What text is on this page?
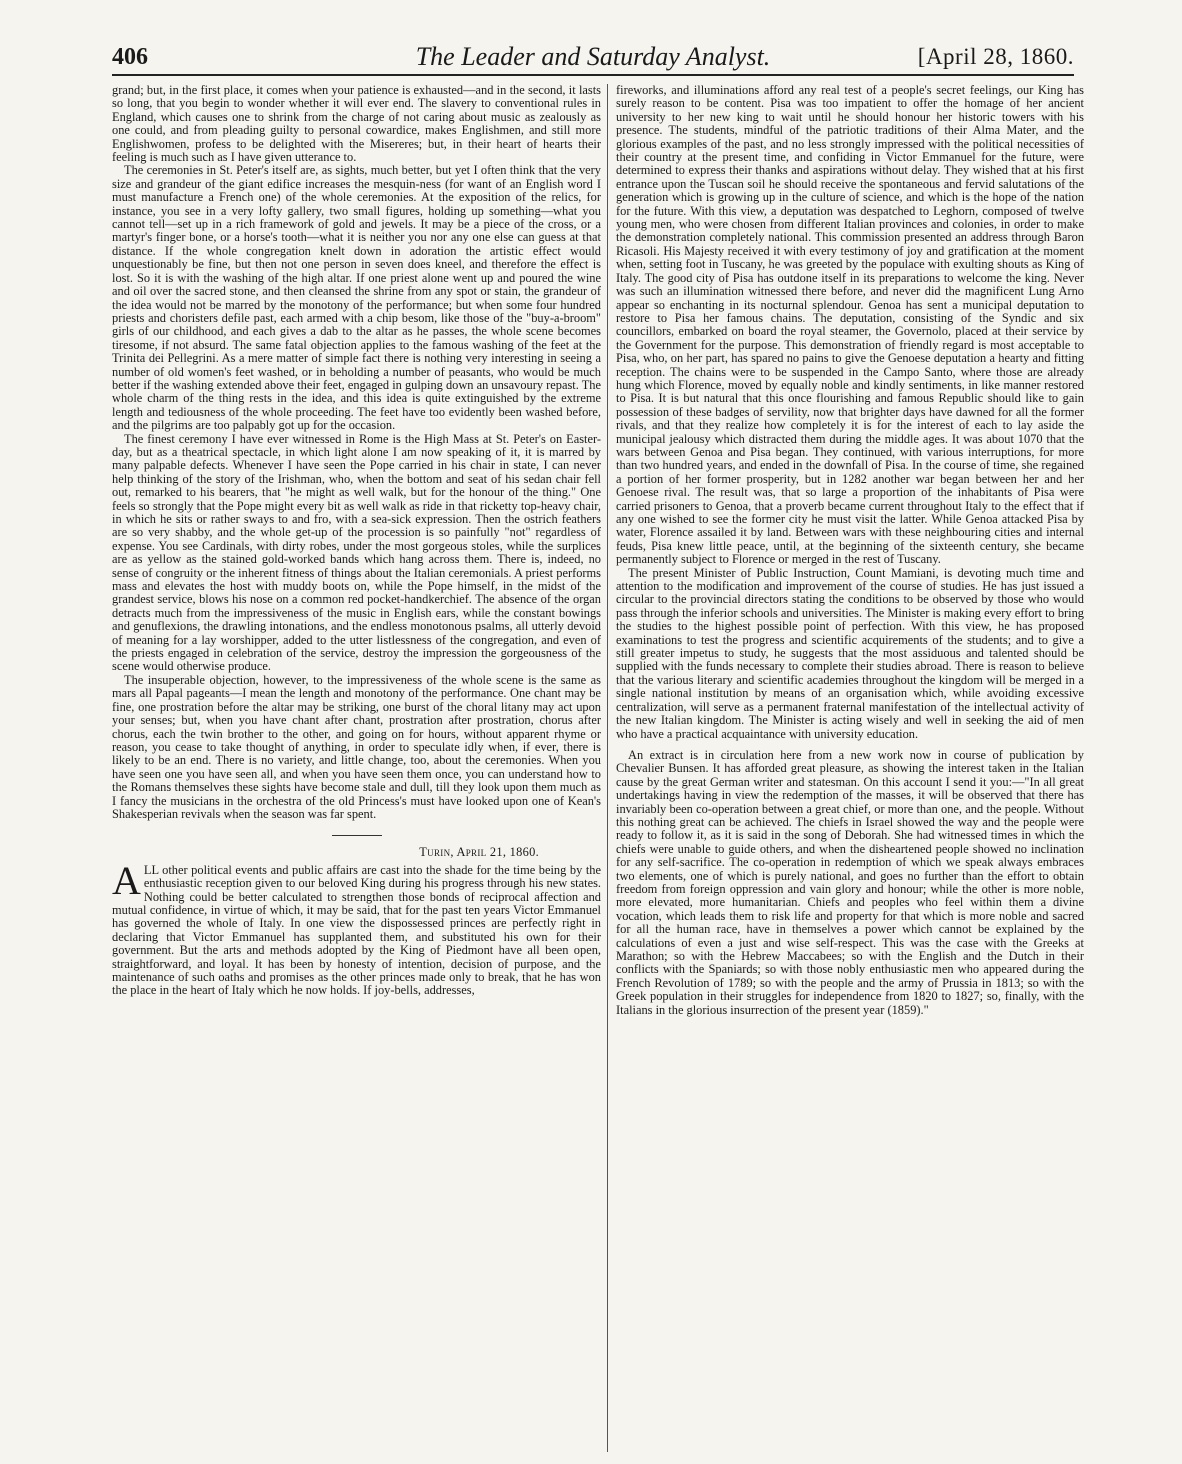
406	The Leader and Saturday Analyst.	[April 28, 1860.

grand; but, in the first place, it comes when your patience is exhausted—and in the second, it lasts so long, that you begin to wonder whether it will ever end. The slavery to conventional rules in England, which causes one to shrink from the charge of not caring about music as zealously as one could, and from pleading guilty to personal cowardice, makes Englishmen, and still more Englishwomen, profess to be delighted with the Misereres; but, in their heart of hearts their feeling is much such as I have given utterance to.

The ceremonies in St. Peter's itself are, as sights, much better, but yet I often think that the very size and grandeur of the giant edifice increases the mesquin-ness (for want of an English word I must manufacture a French one) of the whole ceremonies. At the exposition of the relics, for instance, you see in a very lofty gallery, two small figures, holding up something—what you cannot tell—set up in a rich framework of gold and jewels. It may be a piece of the cross, or a martyr's finger bone, or a horse's tooth—what it is neither you nor any one else can guess at that distance. If the whole congregation knelt down in adoration the artistic effect would unquestionably be fine, but then not one person in seven does kneel, and therefore the effect is lost. So it is with the washing of the high altar. If one priest alone went up and poured the wine and oil over the sacred stone, and then cleansed the shrine from any spot or stain, the grandeur of the idea would not be marred by the monotony of the performance; but when some four hundred priests and choristers defile past, each armed with a chip besom, like those of the "buy-a-broom" girls of our childhood, and each gives a dab to the altar as he passes, the whole scene becomes tiresome, if not absurd. The same fatal objection applies to the famous washing of the feet at the Trinita dei Pellegrini. As a mere matter of simple fact there is nothing very interesting in seeing a number of old women's feet washed, or in beholding a number of peasants, who would be much better if the washing extended above their feet, engaged in gulping down an unsavoury repast. The whole charm of the thing rests in the idea, and this idea is quite extinguished by the extreme length and tediousness of the whole proceeding. The feet have too evidently been washed before, and the pilgrims are too palpably got up for the occasion.

The finest ceremony I have ever witnessed in Rome is the High Mass at St. Peter's on Easter-day, but as a theatrical spectacle, in which light alone I am now speaking of it, it is marred by many palpable defects. Whenever I have seen the Pope carried in his chair in state, I can never help thinking of the story of the Irishman, who, when the bottom and seat of his sedan chair fell out, remarked to his bearers, that "he might as well walk, but for the honour of the thing." One feels so strongly that the Pope might every bit as well walk as ride in that ricketty top-heavy chair, in which he sits or rather sways to and fro, with a sea-sick expression. Then the ostrich feathers are so very shabby, and the whole get-up of the procession is so painfully "not" regardless of expense. You see Cardinals, with dirty robes, under the most gorgeous stoles, while the surplices are as yellow as the stained gold-worked bands which hang across them. There is, indeed, no sense of congruity or the inherent fitness of things about the Italian ceremonials. A priest performs mass and elevates the host with muddy boots on, while the Pope himself, in the midst of the grandest service, blows his nose on a common red pocket-handkerchief. The absence of the organ detracts much from the impressiveness of the music in English ears, while the constant bowings and genuflexions, the drawling intonations, and the endless monotonous psalms, all utterly devoid of meaning for a lay worshipper, added to the utter listlessness of the congregation, and even of the priests engaged in celebration of the service, destroy the impression the gorgeousness of the scene would otherwise produce.

The insuperable objection, however, to the impressiveness of the whole scene is the same as mars all Papal pageants—I mean the length and monotony of the performance. One chant may be fine, one prostration before the altar may be striking, one burst of the choral litany may act upon your senses; but, when you have chant after chant, prostration after prostration, chorus after chorus, each the twin brother to the other, and going on for hours, without apparent rhyme or reason, you cease to take thought of anything, in order to speculate idly when, if ever, there is likely to be an end. There is no variety, and little change, too, about the ceremonies. When you have seen one you have seen all, and when you have seen them once, you can understand how to the Romans themselves these sights have become stale and dull, till they look upon them much as I fancy the musicians in the orchestra of the old Princess's must have looked upon one of Kean's Shakesperian revivals when the season was far spent.

Turin, April 21, 1860.

ALL other political events and public affairs are cast into the shade for the time being by the enthusiastic reception given to our beloved King during his progress through his new states. Nothing could be better calculated to strengthen those bonds of reciprocal affection and mutual confidence, in virtue of which, it may be said, that for the past ten years Victor Emmanuel has governed the whole of Italy. In one view the dispossessed princes are perfectly right in declaring that Victor Emmanuel has supplanted them, and substituted his own for their government. But the arts and methods adopted by the King of Piedmont have all been open, straightforward, and loyal. It has been by honesty of intention, decision of purpose, and the maintenance of such oaths and promises as the other princes made only to break, that he has won the place in the heart of Italy which he now holds. If joy-bells, addresses,

fireworks, and illuminations afford any real test of a people's secret feelings, our King has surely reason to be content. Pisa was too impatient to offer the homage of her ancient university to her new king to wait until he should honour her historic towers with his presence. The students, mindful of the patriotic traditions of their Alma Mater, and the glorious examples of the past, and no less strongly impressed with the political necessities of their country at the present time, and confiding in Victor Emmanuel for the future, were determined to express their thanks and aspirations without delay. They wished that at his first entrance upon the Tuscan soil he should receive the spontaneous and fervid salutations of the generation which is growing up in the culture of science, and which is the hope of the nation for the future. With this view, a deputation was despatched to Leghorn, composed of twelve young men, who were chosen from different Italian provinces and colonies, in order to make the demonstration completely national. This commission presented an address through Baron Ricasoli. His Majesty received it with every testimony of joy and gratification at the moment when, setting foot in Tuscany, he was greeted by the populace with exulting shouts as King of Italy. The good city of Pisa has outdone itself in its preparations to welcome the king. Never was such an illumination witnessed there before, and never did the magnificent Lung Arno appear so enchanting in its nocturnal splendour. Genoa has sent a municipal deputation to restore to Pisa her famous chains. The deputation, consisting of the Syndic and six councillors, embarked on board the royal steamer, the Governolo, placed at their service by the Government for the purpose. This demonstration of friendly regard is most acceptable to Pisa, who, on her part, has spared no pains to give the Genoese deputation a hearty and fitting reception. The chains were to be suspended in the Campo Santo, where those are already hung which Florence, moved by equally noble and kindly sentiments, in like manner restored to Pisa. It is but natural that this once flourishing and famous Republic should like to gain possession of these badges of servility, now that brighter days have dawned for all the former rivals, and that they realize how completely it is for the interest of each to lay aside the municipal jealousy which distracted them during the middle ages. It was about 1070 that the wars between Genoa and Pisa began. They continued, with various interruptions, for more than two hundred years, and ended in the downfall of Pisa. In the course of time, she regained a portion of her former prosperity, but in 1282 another war began between her and her Genoese rival. The result was, that so large a proportion of the inhabitants of Pisa were carried prisoners to Genoa, that a proverb became current throughout Italy to the effect that if any one wished to see the former city he must visit the latter. While Genoa attacked Pisa by water, Florence assailed it by land. Between wars with these neighbouring cities and internal feuds, Pisa knew little peace, until, at the beginning of the sixteenth century, she became permanently subject to Florence or merged in the rest of Tuscany.

The present Minister of Public Instruction, Count Mamiani, is devoting much time and attention to the modification and improvement of the course of studies. He has just issued a circular to the provincial directors stating the conditions to be observed by those who would pass through the inferior schools and universities. The Minister is making every effort to bring the studies to the highest possible point of perfection. With this view, he has proposed examinations to test the progress and scientific acquirements of the students; and to give a still greater impetus to study, he suggests that the most assiduous and talented should be supplied with the funds necessary to complete their studies abroad. There is reason to believe that the various literary and scientific academies throughout the kingdom will be merged in a single national institution by means of an organisation which, while avoiding excessive centralization, will serve as a permanent fraternal manifestation of the intellectual activity of the new Italian kingdom. The Minister is acting wisely and well in seeking the aid of men who have a practical acquaintance with university education.

An extract is in circulation here from a new work now in course of publication by Chevalier Bunsen. It has afforded great pleasure, as showing the interest taken in the Italian cause by the great German writer and statesman. On this account I send it you:—"In all great undertakings having in view the redemption of the masses, it will be observed that there has invariably been co-operation between a great chief, or more than one, and the people. Without this nothing great can be achieved. The chiefs in Israel showed the way and the people were ready to follow it, as it is said in the song of Deborah. She had witnessed times in which the chiefs were unable to guide others, and when the disheartened people showed no inclination for any self-sacrifice. The co-operation in redemption of which we speak always embraces two elements, one of which is purely national, and goes no further than the effort to obtain freedom from foreign oppression and vain glory and honour; while the other is more noble, more elevated, more humanitarian. Chiefs and peoples who feel within them a divine vocation, which leads them to risk life and property for that which is more noble and sacred for all the human race, have in themselves a power which cannot be explained by the calculations of even a just and wise self-respect. This was the case with the Greeks at Marathon; so with the Hebrew Maccabees; so with the English and the Dutch in their conflicts with the Spaniards; so with those nobly enthusiastic men who appeared during the French Revolution of 1789; so with the people and the army of Prussia in 1813; so with the Greek population in their struggles for independence from 1820 to 1827; so, finally, with the Italians in the glorious insurrection of the present year (1859)."
